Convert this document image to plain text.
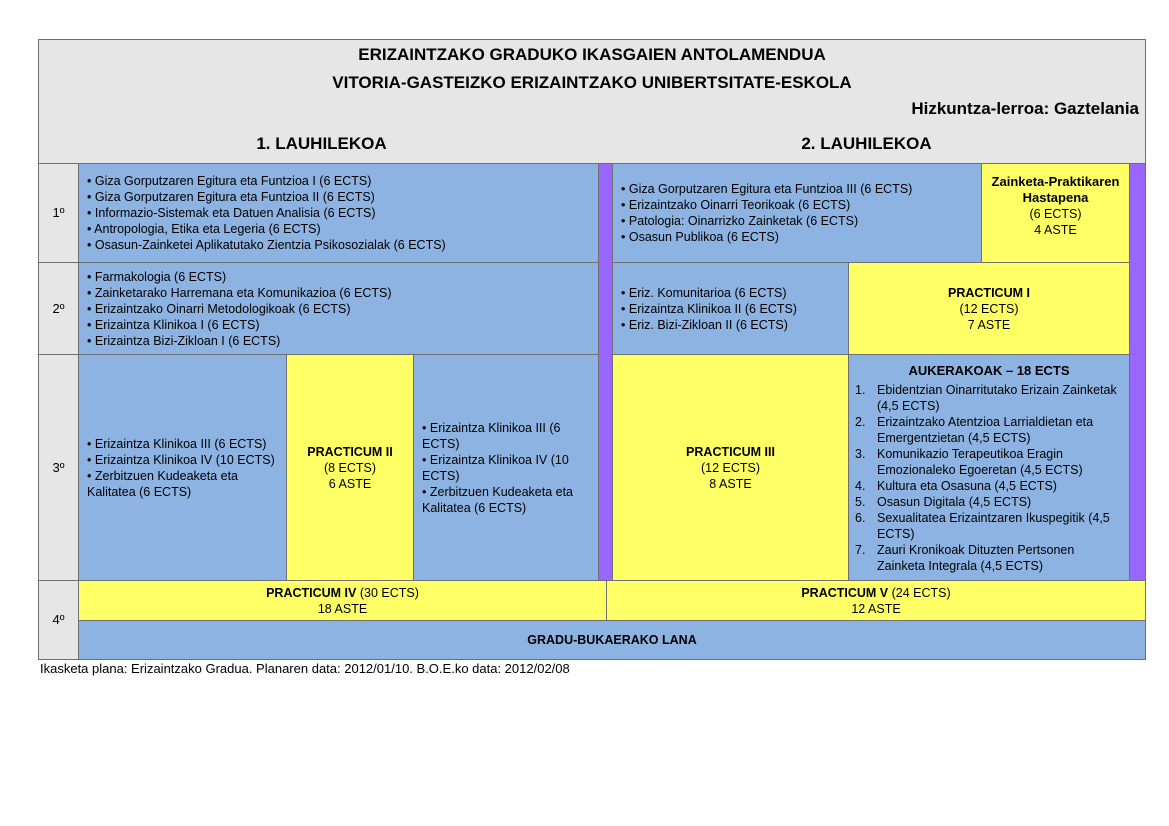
ERIZAINTZAKO GRADUKO IKASGAIEN ANTOLAMENDUA
VITORIA-GASTEIZKO ERIZAINTZAKO UNIBERTSITATE-ESKOLA
Hizkuntza-lerroa: Gaztelania
1. LAUHILEKOA	2. LAUHILEKOA
1º
2º
3º
4º
• Giza Gorputzaren Egitura eta Funtzioa I (6 ECTS)
• Giza Gorputzaren Egitura eta Funtzioa II (6 ECTS)
• Informazio-Sistemak eta Datuen Analisia (6 ECTS)
• Antropologia, Etika eta Legeria (6 ECTS)
• Osasun-Zainketei Aplikatutako Zientzia Psikosozialak (6 ECTS)
• Giza Gorputzaren Egitura eta Funtzioa III (6 ECTS)
• Erizaintzako Oinarri Teorikoak (6 ECTS)
• Patologia: Oinarrizko Zainketak (6 ECTS)
• Osasun Publikoa (6 ECTS)
Zainketa-Praktikaren Hastapena
(6 ECTS)
4 ASTE
• Farmakologia (6 ECTS)
• Zainketarako Harremana eta Komunikazioa (6 ECTS)
• Erizaintzako Oinarri Metodologikoak (6 ECTS)
• Erizaintza Klinikoa I (6 ECTS)
• Erizaintza Bizi-Zikloan I (6 ECTS)
• Eriz. Komunitarioa (6 ECTS)
• Erizaintza Klinikoa II (6 ECTS)
• Eriz. Bizi-Zikloan II (6 ECTS)
PRACTICUM I
(12 ECTS)
7 ASTE
• Erizaintza Klinikoa III (6 ECTS)
• Erizaintza Klinikoa IV (10 ECTS)
• Zerbitzuen Kudeaketa eta Kalitatea (6 ECTS)
PRACTICUM II
(8 ECTS)
6 ASTE
• Erizaintza Klinikoa III (6 ECTS)
• Erizaintza Klinikoa IV (10 ECTS)
• Zerbitzuen Kudeaketa eta Kalitatea (6 ECTS)
PRACTICUM III
(12 ECTS)
8 ASTE
AUKERAKOAK – 18 ECTS
1. Ebidentzian Oinarritutako Erizain Zainketak (4,5 ECTS)
2. Erizaintzako Atentzioa Larrialdietan eta Emergentzietan (4,5 ECTS)
3. Komunikazio Terapeutikoa Eragin Emozionaleko Egoeretan (4,5 ECTS)
4. Kultura eta Osasuna (4,5 ECTS)
5. Osasun Digitala (4,5 ECTS)
6. Sexualitatea Erizaintzaren Ikuspegitik (4,5 ECTS)
7. Zauri Kronikoak Dituzten Pertsonen Zainketa Integrala (4,5 ECTS)
PRACTICUM IV (30 ECTS)
18 ASTE
PRACTICUM V (24 ECTS)
12 ASTE
GRADU-BUKAERAKO LANA
Ikasketa plana: Erizaintzako Gradua. Planaren data: 2012/01/10. B.O.E.ko data: 2012/02/08
